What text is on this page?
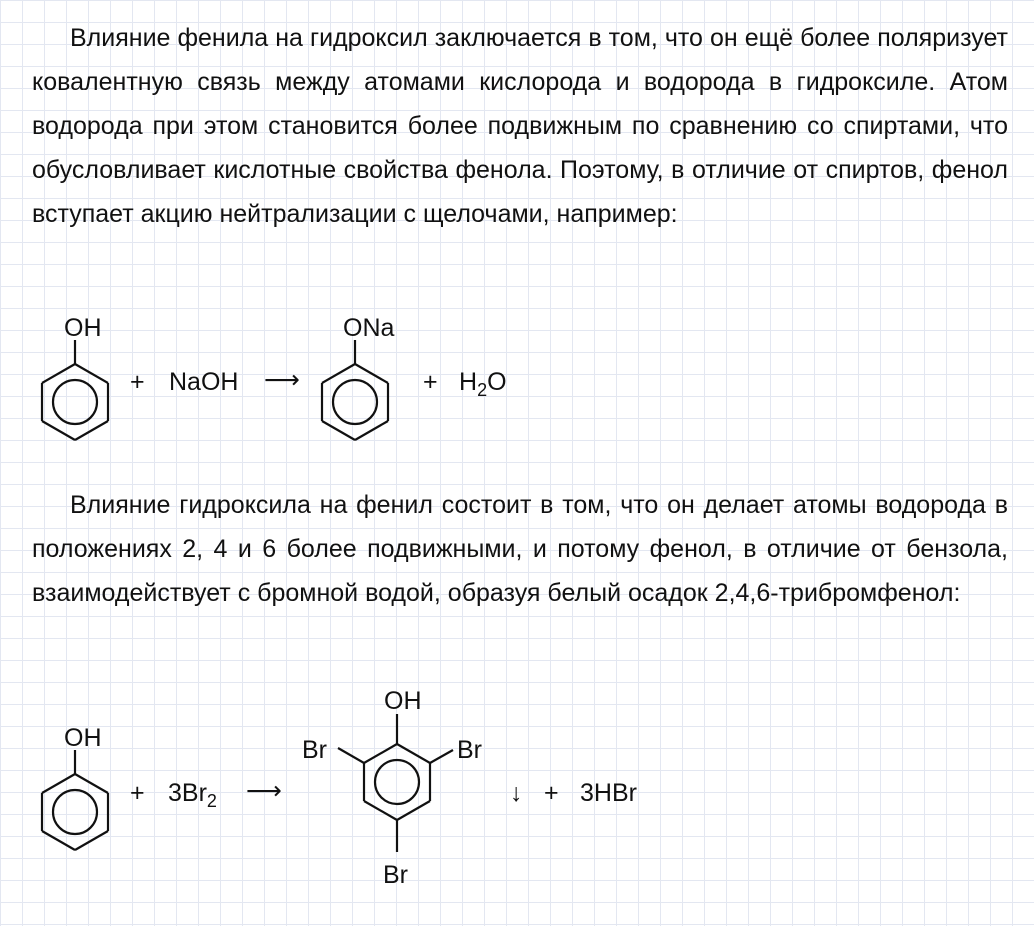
Влияние фенила на гидроксил заключается в том, что он ещё более поляризует ковалентную связь между атомами кислорода и водорода в гидроксиле. Атом водорода при этом становится более подвижным по сравнению со спиртами, что обусловливает кислотные свойства фенола. Поэтому, в отличие от спиртов, фенол вступает акцию нейтрализации с щелочами, например:

OH
+ NaOH ⟶
ONa
+ $H_2O$

Влияние гидроксила на фенил состоит в том, что он делает атомы водорода в положениях 2, 4 и 6 более подвижными, и потому фенол, в отличие от бензола, взаимодействует с бромной водой, образуя белый осадок 2,4,6-трибромфенол:

OH
+ $3Br_2$ ⟶
OH
Br	Br
Br
↓ + 3HBr
